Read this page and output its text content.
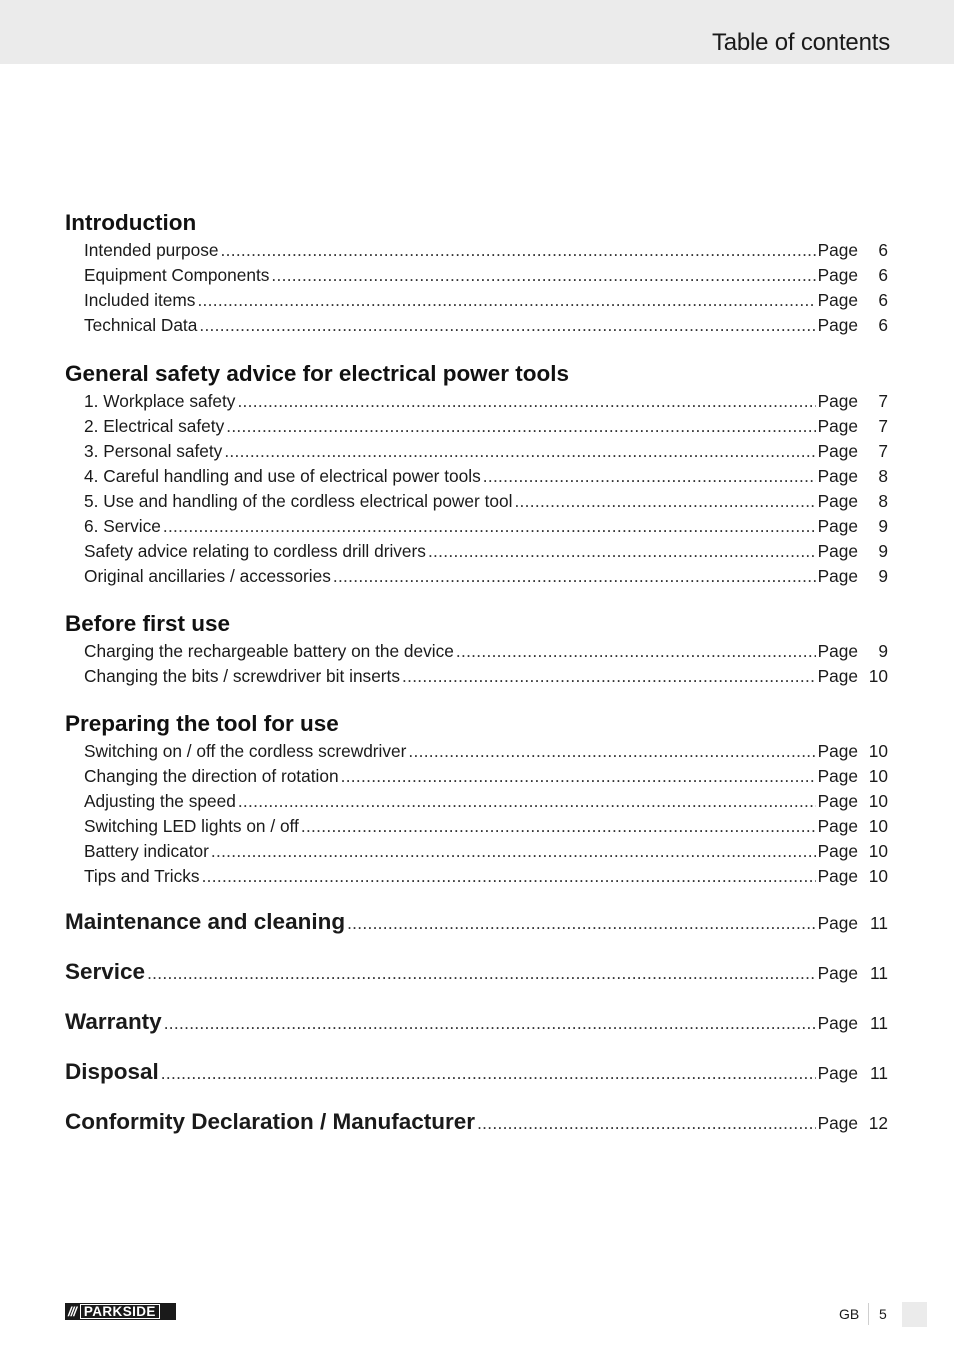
Table of contents
Introduction
Intended purpose .....	Page	6
Equipment Components .....	Page	6
Included items .....	Page	6
Technical Data .....	Page	6
General safety advice for electrical power tools
1. Workplace safety .....	Page	7
2. Electrical safety .....	Page	7
3. Personal safety .....	Page	7
4. Careful handling and use of electrical power tools .....	Page	8
5. Use and handling of the cordless electrical power tool .....	Page	8
6. Service .....	Page	9
Safety advice relating to cordless drill drivers .....	Page	9
Original ancillaries / accessories .....	Page	9
Before first use
Charging the rechargeable battery on the device .....	Page	9
Changing the bits / screwdriver bit inserts .....	Page 10
Preparing the tool for use
Switching on / off the cordless screwdriver .....	Page 10
Changing the direction of rotation .....	Page 10
Adjusting the speed .....	Page 10
Switching LED lights on / off .....	Page 10
Battery indicator .....	Page 10
Tips and Tricks .....	Page 10
Maintenance and cleaning .....	Page 11
Service .....	Page 11
Warranty .....	Page 11
Disposal .....	Page 11
Conformity Declaration / Manufacturer .....	Page 12
/// PARKSIDE	GB 5
